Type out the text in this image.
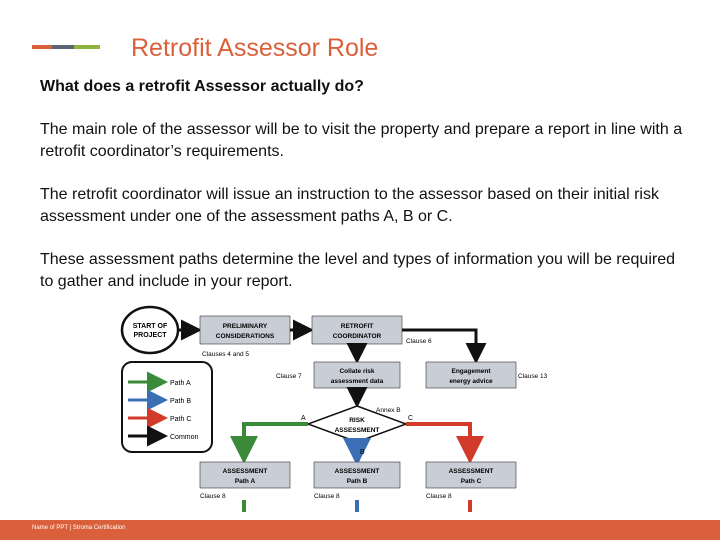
Retrofit Assessor Role
What does a retrofit Assessor actually do?
The main role of the assessor will be to visit the property and prepare a report in line with a retrofit coordinator’s requirements.
The retrofit coordinator will issue an instruction to the assessor based on their initial risk assessment under one of the assessment paths A, B or C.
These assessment paths determine the level and types of information you will be required to gather and include in your report.
START OF
PROJECT
PRELIMINARY
CONSIDERATIONS
Clauses 4 and 5
RETROFIT
COORDINATOR
Clause 6
Path A
Path B
Path C
Common
Clause 7
Collate risk
assessment data
Engagement
energy advice
Clause 13
Annex B
RISK
ASSESSMENT
A	C
B
ASSESSMENT
Path A
ASSESSMENT
Path B
ASSESSMENT
Path C
Clause 8	Clause 8	Clause 8
Name of PPT | Stroma Certification
